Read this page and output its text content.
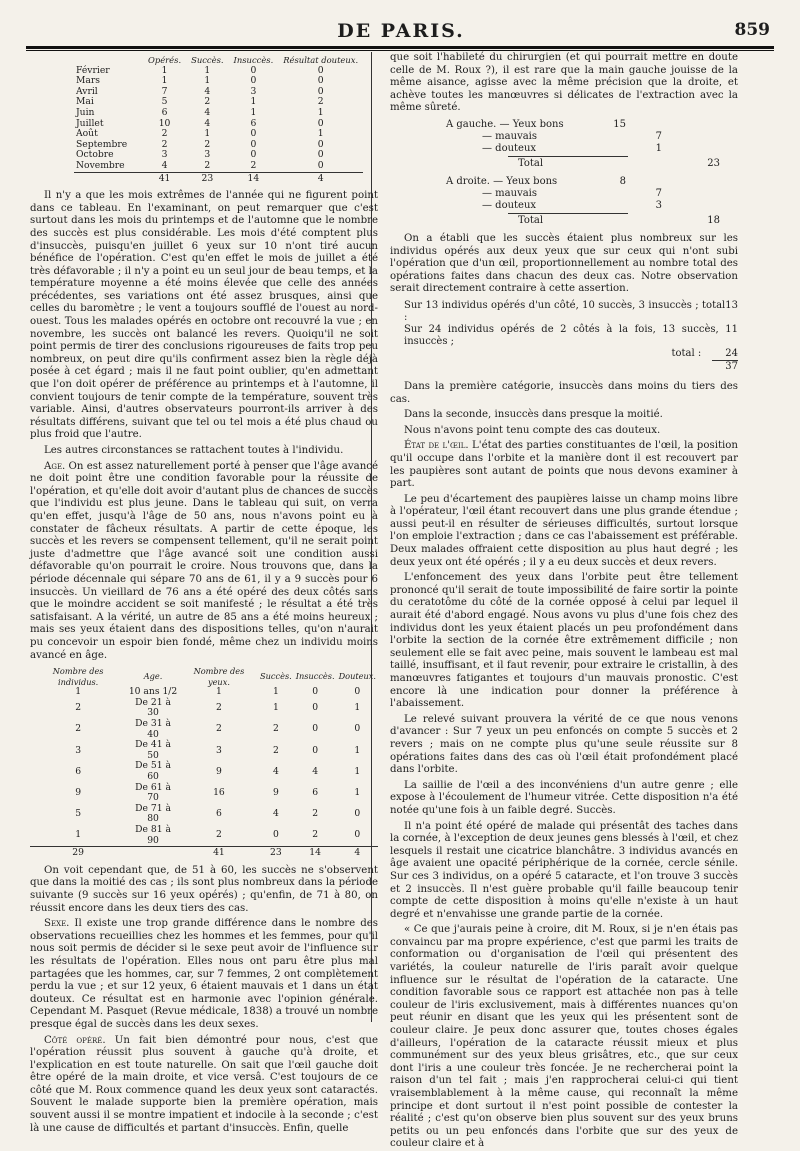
DE PARIS.	859
	Opérés.	Succès.	Insuccès.	Résultat douteux.
Février	1	1	0	0
Mars	1	1	0	0
Avril	7	4	3	0
Mai	5	2	1	2
Juin	6	4	1	1
Juillet	10	4	6	0
Août	2	1	0	1
Septembre	2	2	0	0
Octobre	3	3	0	0
Novembre	4	2	2	0
	41	23	14	4

Il n'y a que les mois extrêmes de l'année qui ne figurent point dans ce tableau. En l'examinant, on peut remarquer que c'est surtout dans les mois du printemps et de l'automne que le nombre des succès est plus considérable. Les mois d'été comptent plus d'insuccès, puisqu'en juillet 6 yeux sur 10 n'ont tiré aucun bénéfice de l'opération. C'est qu'en effet le mois de juillet a été très défavorable ; il n'y a point eu un seul jour de beau temps, et la température moyenne a été moins élevée que celle des années précédentes, ses variations ont été assez brusques, ainsi que celles du baromètre ; le vent a toujours soufflé de l'ouest au nord-ouest. Tous les malades opérés en octobre ont recouvré la vue ; en novembre, les succès ont balancé les revers. Quoiqu'il ne soit point permis de tirer des conclusions rigoureuses de faits trop peu nombreux, on peut dire qu'ils confirment assez bien la règle déjà posée à cet égard ; mais il ne faut point oublier, qu'en admettant que l'on doit opérer de préférence au printemps et à l'automne, il convient toujours de tenir compte de la température, souvent très variable. Ainsi, d'autres observateurs pourront-ils arriver à des résultats différens, suivant que tel ou tel mois a été plus chaud ou plus froid que l'autre.

Les autres circonstances se rattachent toutes à l'individu.

Age. On est assez naturellement porté à penser que l'âge avancé ne doit point être une condition favorable pour la réussite de l'opération, et qu'elle doit avoir d'autant plus de chances de succès que l'individu est plus jeune. Dans le tableau qui suit, on verra qu'en effet, jusqu'à l'âge de 50 ans, nous n'avons point eu à constater de fâcheux résultats. A partir de cette époque, les succès et les revers se compensent tellement, qu'il ne serait point juste d'admettre que l'âge avancé soit une condition aussi défavorable qu'on pourrait le croire. Nous trouvons que, dans la période décennale qui sépare 70 ans de 61, il y a 9 succès pour 6 insuccès. Un vieillard de 76 ans a été opéré des deux côtés sans que le moindre accident se soit manifesté ; le résultat a été très satisfaisant. A la vérité, un autre de 85 ans a été moins heureux ; mais ses yeux étaient dans des dispositions telles, qu'on n'aurait pu concevoir un espoir bien fondé, même chez un individu moins avancé en âge.

Nombre des individus.	Age.	Nombre des yeux.	Succès.	Insuccès.	Douteux.
1	10 ans 1/2	1	1	0	0
2	De 21 à 30	2	1	0	1
2	De 31 à 40	2	2	0	0
3	De 41 à 50	3	2	0	1
6	De 51 à 60	9	4	4	1
9	De 61 à 70	16	9	6	1
5	De 71 à 80	6	4	2	0
1	De 81 à 90	2	0	2	0
29		41	23	14	4

On voit cependant que, de 51 à 60, les succès ne s'observent que dans la moitié des cas ; ils sont plus nombreux dans la période suivante (9 succès sur 16 yeux opérés) ; qu'enfin, de 71 à 80, on réussit encore dans les deux tiers des cas.

Sexe. Il existe une trop grande différence dans le nombre des observations recueillies chez les hommes et les femmes, pour qu'il nous soit permis de décider si le sexe peut avoir de l'influence sur les résultats de l'opération. Elles nous ont paru être plus mal partagées que les hommes, car, sur 7 femmes, 2 ont complètement perdu la vue ; et sur 12 yeux, 6 étaient mauvais et 1 dans un état douteux. Ce résultat est en harmonie avec l'opinion générale. Cependant M. Pasquet (Revue médicale, 1838) a trouvé un nombre presque égal de succès dans les deux sexes.

Côté opéré. Un fait bien démontré pour nous, c'est que l'opération réussit plus souvent à gauche qu'à droite, et l'explication en est toute naturelle. On sait que l'œil gauche doit être opéré de la main droite, et vice versâ. C'est toujours de ce côté que M. Roux commence quand les deux yeux sont cataractés. Souvent le malade supporte bien la première opération, mais souvent aussi il se montre impatient et indocile à la seconde ; c'est là une cause de difficultés et partant d'insuccès. Enfin, quelle

que soit l'habileté du chirurgien (et qui pourrait mettre en doute celle de M. Roux ?), il est rare que la main gauche jouisse de la même aisance, agisse avec la même précision que la droite, et achève toutes les manœuvres si délicates de l'extraction avec la même sûreté.

A gauche. — Yeux bons	15
— mauvais	7
— douteux	1
Total	23
A droite. — Yeux bons	8
— mauvais	7
— douteux	3
Total	18

On a établi que les succès étaient plus nombreux sur les individus opérés aux deux yeux que sur ceux qui n'ont subi l'opération que d'un œil, proportionnellement au nombre total des opérations faites dans chacun des deux cas. Notre observation serait directement contraire à cette assertion.

Sur 13 individus opérés d'un côté, 10 succès, 3 insuccès ; total :
13
Sur 24 individus opérés de 2 côtés à la fois, 13 succès, 11 insuccès ;
total :	24
37

Dans la première catégorie, insuccès dans moins du tiers des cas.

Dans la seconde, insuccès dans presque la moitié.

Nous n'avons point tenu compte des cas douteux.

État de l'œil. L'état des parties constituantes de l'œil, la position qu'il occupe dans l'orbite et la manière dont il est recouvert par les paupières sont autant de points que nous devons examiner à part.

Le peu d'écartement des paupières laisse un champ moins libre à l'opérateur, l'œil étant recouvert dans une plus grande étendue ; aussi peut-il en résulter de sérieuses difficultés, surtout lorsque l'on emploie l'extraction ; dans ce cas l'abaissement est préférable. Deux malades offraient cette disposition au plus haut degré ; les deux yeux ont été opérés ; il y a eu deux succès et deux revers.

L'enfoncement des yeux dans l'orbite peut être tellement prononcé qu'il serait de toute impossibilité de faire sortir la pointe du ceratotôme du côté de la cornée opposé à celui par lequel il aurait été d'abord engagé. Nous avons vu plus d'une fois chez des individus dont les yeux étaient placés un peu profondément dans l'orbite la section de la cornée être extrêmement difficile ; non seulement elle se fait avec peine, mais souvent le lambeau est mal taillé, insuffisant, et il faut revenir, pour extraire le cristallin, à des manœuvres fatigantes et toujours d'un mauvais pronostic. C'est encore là une indication pour donner la préférence à l'abaissement.

Le relevé suivant prouvera la vérité de ce que nous venons d'avancer : Sur 7 yeux un peu enfoncés on compte 5 succès et 2 revers ; mais on ne compte plus qu'une seule réussite sur 8 opérations faites dans des cas où l'œil était profondément placé dans l'orbite.

La saillie de l'œil a des inconvéniens d'un autre genre ; elle expose à l'écoulement de l'humeur vitrée. Cette disposition n'a été notée qu'une fois à un faible degré. Succès.

Il n'a point été opéré de malade qui présentât des taches dans la cornée, à l'exception de deux jeunes gens blessés à l'œil, et chez lesquels il restait une cicatrice blanchâtre. 3 individus avancés en âge avaient une opacité périphérique de la cornée, cercle sénile. Sur ces 3 individus, on a opéré 5 cataracte, et l'on trouve 3 succès et 2 insuccès. Il n'est guère probable qu'il faille beaucoup tenir compte de cette disposition à moins qu'elle n'existe à un haut degré et n'envahisse une grande partie de la cornée.

« Ce que j'aurais peine à croire, dit M. Roux, si je n'en étais pas convaincu par ma propre expérience, c'est que parmi les traits de conformation ou d'organisation de l'œil qui présentent des variétés, la couleur naturelle de l'iris paraît avoir quelque influence sur le résultat de l'opération de la cataracte. Une condition favorable sous ce rapport est attachée non pas à telle couleur de l'iris exclusivement, mais à différentes nuances qu'on peut réunir en disant que les yeux qui les présentent sont de couleur claire. Je peux donc assurer que, toutes choses égales d'ailleurs, l'opération de la cataracte réussit mieux et plus communément sur des yeux bleus grisâtres, etc., que sur ceux dont l'iris a une couleur très foncée. Je ne rechercherai point la raison d'un tel fait ; mais j'en rapprocherai celui-ci qui tient vraisemblablement à la même cause, qui reconnaît la même principe et dont surtout il n'est point possible de contester la réalité ; c'est qu'on observe bien plus souvent sur des yeux bruns petits ou un peu enfoncés dans l'orbite que sur des yeux de couleur claire et à
